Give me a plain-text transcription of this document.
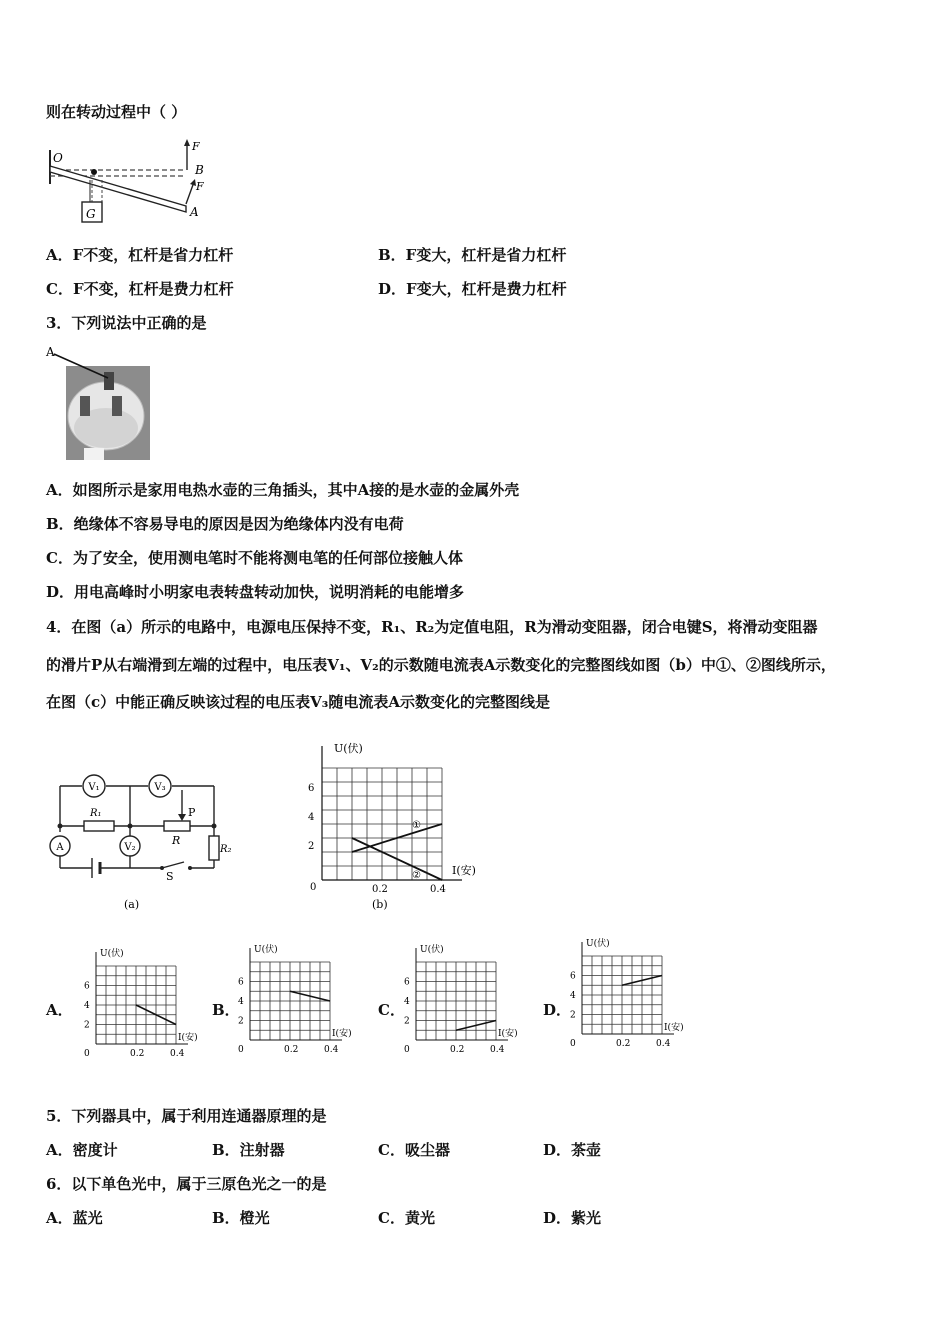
则在转动过程中（ ）
O
B
A
F
F
G
A．F不变，杠杆是省力杠杆	B．F变大，杠杆是省力杠杆
C．F不变，杠杆是费力杠杆	D．F变大，杠杆是费力杠杆
3．下列说法中正确的是
A
A．如图所示是家用电热水壶的三角插头，其中A接的是水壶的金属外壳
B．绝缘体不容易导电的原因是因为绝缘体内没有电荷
C．为了安全，使用测电笔时不能将测电笔的任何部位接触人体
D．用电高峰时小明家电表转盘转动加快，说明消耗的电能增多
4．在图（a）所示的电路中，电源电压保持不变，R₁、R₂为定值电阻，R为滑动变阻器，闭合电键S，将滑动变阻器
的滑片P从右端滑到左端的过程中，电压表V₁、V₂的示数随电流表A示数变化的完整图线如图（b）中①、②图线所示，
在图（c）中能正确反映该过程的电压表V₃随电流表A示数变化的完整图线是
V₁	V₃
V₂
A
R₁
R
R₂
P
S
(a)
U(伏)
I(安)
6
4
2
0	0.2	0.4
①
②
(b)
A．	B．	C．	D．
U(伏)
I(安)
6
4
2
0	0.2	0.4
U(伏)
I(安)
6
4
2
0	0.2	0.4
U(伏)
I(安)
6
4
2
0	0.2	0.4
U(伏)
I(安)
6
4
2
0	0.2	0.4
5．下列器具中，属于利用连通器原理的是
A．密度计	B．注射器	C．吸尘器	D．茶壶
6．以下单色光中，属于三原色光之一的是
A．蓝光	B．橙光	C．黄光	D．紫光
